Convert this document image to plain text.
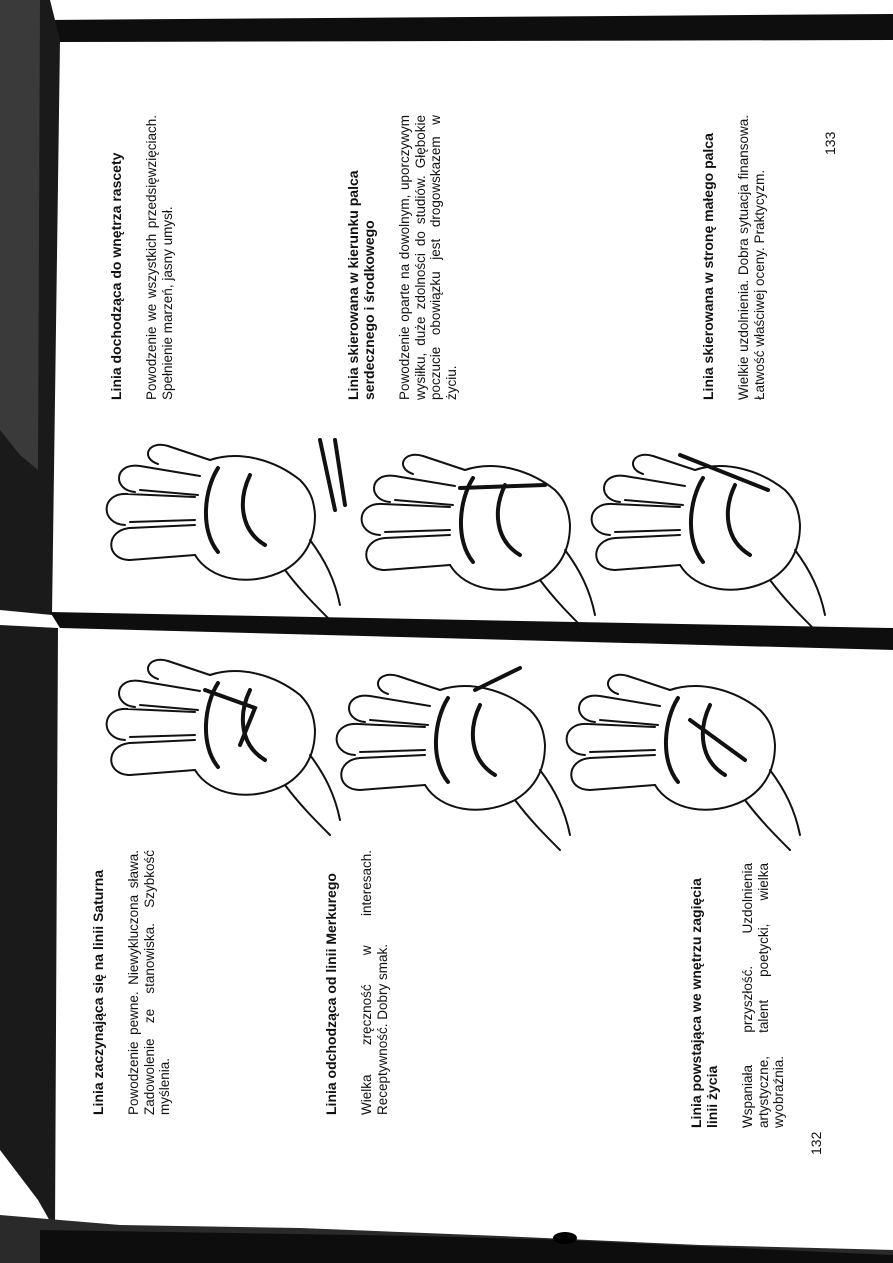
Linia dochodząca do wnętrza rascety Powodzenie we wszystkich przedsięwzięciach. Spełnienie marzeń, jasny umysł.	Linia skierowana w kierunku palca serdecznego i środkowego Powodzenie oparte na dowolnym, uporczywym wysiłku, duże zdolności do studiów. Głębokie poczucie obowiązku jest drogowskazem w życiu.	Linia skierowana w stronę małego palca Wielkie uzdolnienia. Dobra sytuacja finansowa. Łatwość właściwej oceny. Praktycyzm.

133
Linia zaczynająca się na linii Saturna Powodzenie pewne. Niewykluczona sława. Zadowolenie ze stanowiska. Szybkość myślenia.	Linia odchodząca od linii Merkurego Wielka zręczność w interesach. Receptywność. Dobry smak.	Linia powstająca we wnętrzu zagięcia linii życia Wspaniała przyszłość. Uzdolnienia artystyczne, talent poetycki, wielka wyobraźnia.

132
